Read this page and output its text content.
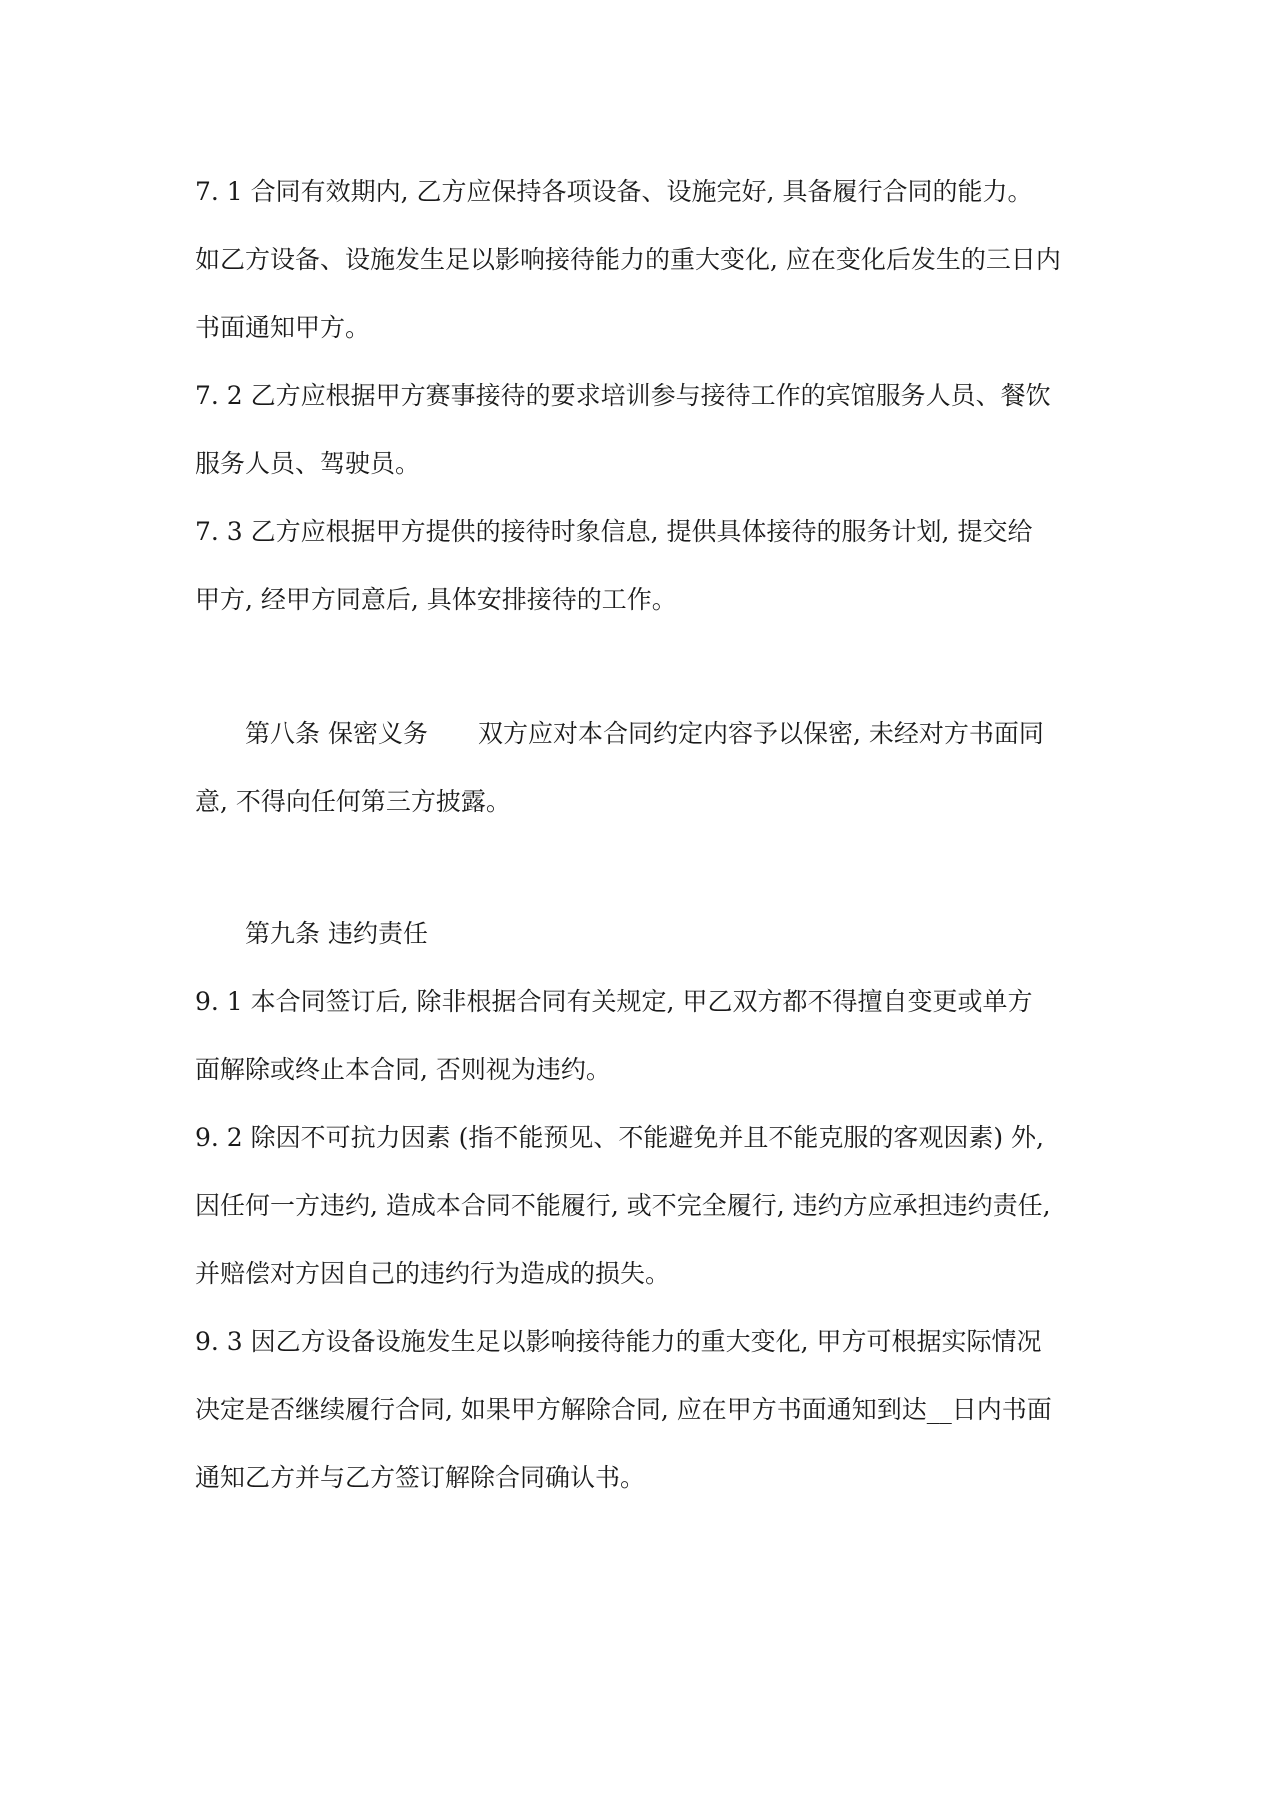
7. 1 合同有效期内, 乙方应保持各项设备、设施完好, 具备履行合同的能力。
如乙方设备、设施发生足以影响接待能力的重大变化, 应在变化后发生的三日内
书面通知甲方。
7. 2 乙方应根据甲方赛事接待的要求培训参与接待工作的宾馆服务人员、餐饮
服务人员、驾驶员。
7. 3 乙方应根据甲方提供的接待时象信息, 提供具体接待的服务计划, 提交给
甲方, 经甲方同意后, 具体安排接待的工作。
　　第八条 保密义务　　双方应对本合同约定内容予以保密, 未经对方书面同
意, 不得向任何第三方披露。
　　第九条 违约责任
9. 1 本合同签订后, 除非根据合同有关规定, 甲乙双方都不得擅自变更或单方
面解除或终止本合同, 否则视为违约。
9. 2 除因不可抗力因素 (指不能预见、不能避免并且不能克服的客观因素) 外,
因任何一方违约, 造成本合同不能履行, 或不完全履行, 违约方应承担违约责任,
并赔偿对方因自己的违约行为造成的损失。
9. 3 因乙方设备设施发生足以影响接待能力的重大变化, 甲方可根据实际情况
决定是否继续履行合同, 如果甲方解除合同, 应在甲方书面通知到达__日内书面
通知乙方并与乙方签订解除合同确认书。
